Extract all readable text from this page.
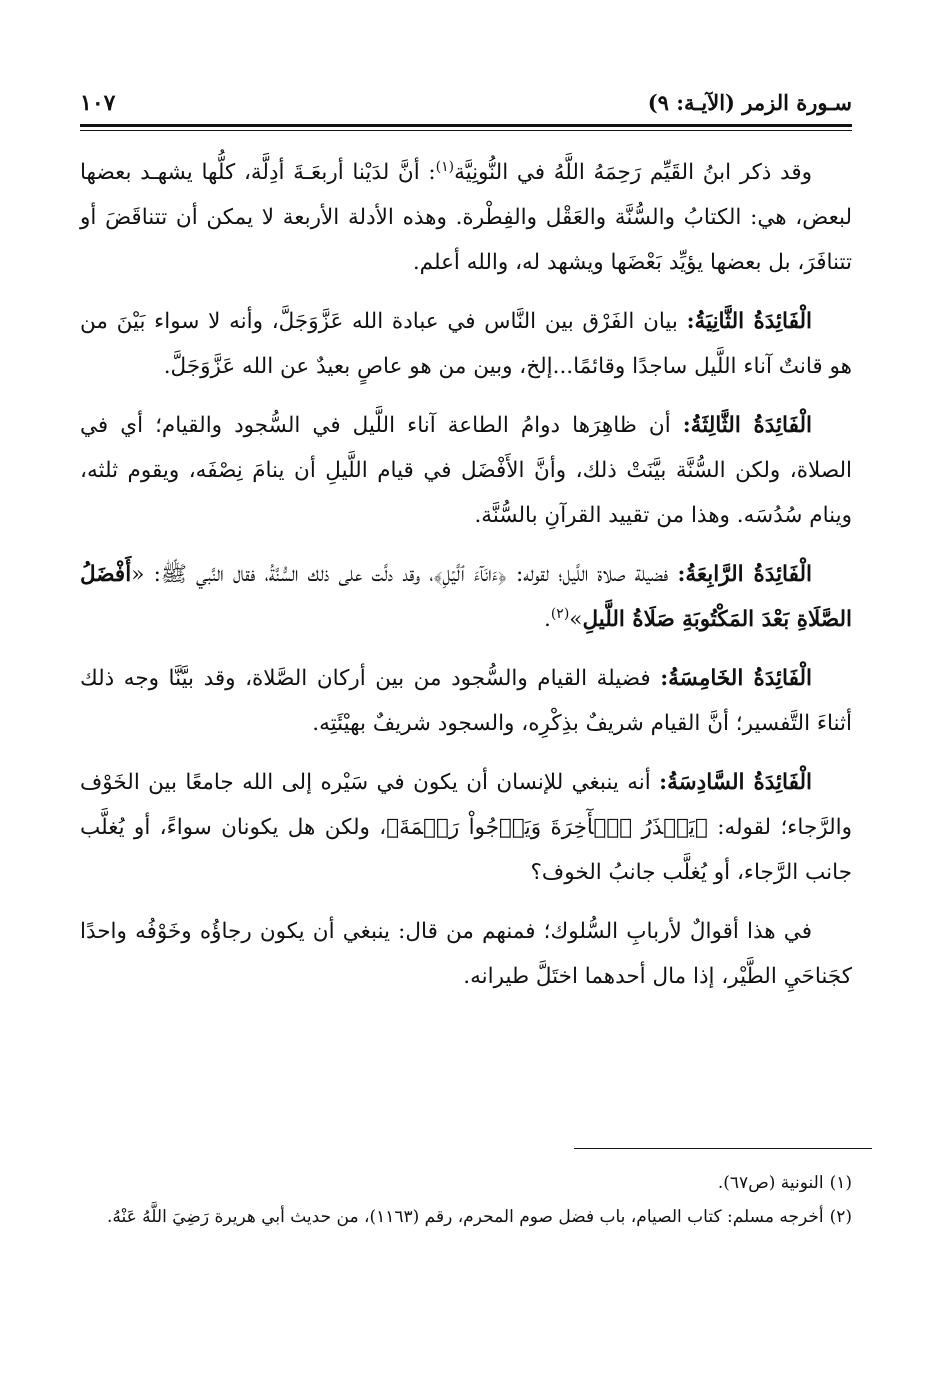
سـورة الزمر (الآيـة: ٩)
١٠٧

وقد ذكر ابنُ القَيِّم رَحِمَهُ اللَّهُ في النُّونِيَّة$^{(١)}$: أنَّ لدَيْنا أربعَـةَ أدِلَّة، كلُّها يشهـد بعضها لبعض، هي: الكتابُ والسُّنَّة والعَقْل والفِطْرة. وهذه الأدلة الأربعة لا يمكن أن تتناقَضَ أو تتنافَرَ، بل بعضها يؤيِّد بَعْضَها ويشهد له، والله أعلم.

الْفَائِدَةُ الثَّانِيَةُ: بيان الفَرْق بين النَّاس في عبادة الله عَزَّوَجَلَّ، وأنه لا سواء بَيْنَ من هو قانتٌ آناء اللَّيل ساجدًا وقائمًا...إلخ، وبين من هو عاصٍ بعيدٌ عن الله عَزَّوَجَلَّ.

الْفَائِدَةُ الثَّالِثَةُ: أن ظاهِرَها دوامُ الطاعة آناء اللَّيل في السُّجود والقيام؛ أي في الصلاة، ولكن السُّنَّة بيَّنَتْ ذلك، وأنَّ الأَفْضَل في قيام اللَّيلِ أن ينامَ نِصْفَه، ويقوم ثلثه، وينام سُدُسَه. وهذا من تقييد القرآنِ بالسُّنَّة.

الْفَائِدَةُ الرَّابِعَةُ: فضيلة صلاة اللَّيل؛ لقوله: ﴿ءَانَآءَ ٱلَّيۡلِ﴾، وقد دلَّت على ذلك السُّنَّةُ، فقال النَّبي ﷺ: «أَفْضَلُ الصَّلَاةِ بَعْدَ المَكْتُوبَةِ صَلَاةُ اللَّيلِ»$^{(٢)}$.

الْفَائِدَةُ الخَامِسَةُ: فضيلة القيام والسُّجود من بين أركان الصَّلاة، وقد بيَّنَّا وجه ذلك أثناءَ التَّفسير؛ أنَّ القيام شريفٌ بذِكْرِه، والسجود شريفٌ بهيْئَتِه.

الْفَائِدَةُ السَّادِسَةُ: أنه ينبغي للإنسان أن يكون في سَيْره إلى الله جامعًا بين الخَوْف والرَّجاء؛ لقوله: ﴿يَحۡذَرُ ٱلۡأٓخِرَةَ وَيَرۡجُواْ رَحۡمَةَ﴾، ولكن هل يكونان سواءً، أو يُغلَّب جانب الرَّجاء، أو يُغلَّب جانبُ الخوف؟

في هذا أقوالٌ لأربابِ السُّلوك؛ فمنهم من قال: ينبغي أن يكون رجاؤُه وخَوْفُه واحدًا كجَناحَيِ الطَّيْر، إذا مال أحدهما اختَلَّ طيرانه.

(١)النونية (ص٦٧).

(٢)أخرجه مسلم: كتاب الصيام، باب فضل صوم المحرم، رقم (١١٦٣)، من حديث أبي هريرة رَضِيَ اللَّهُ عَنْهُ.
